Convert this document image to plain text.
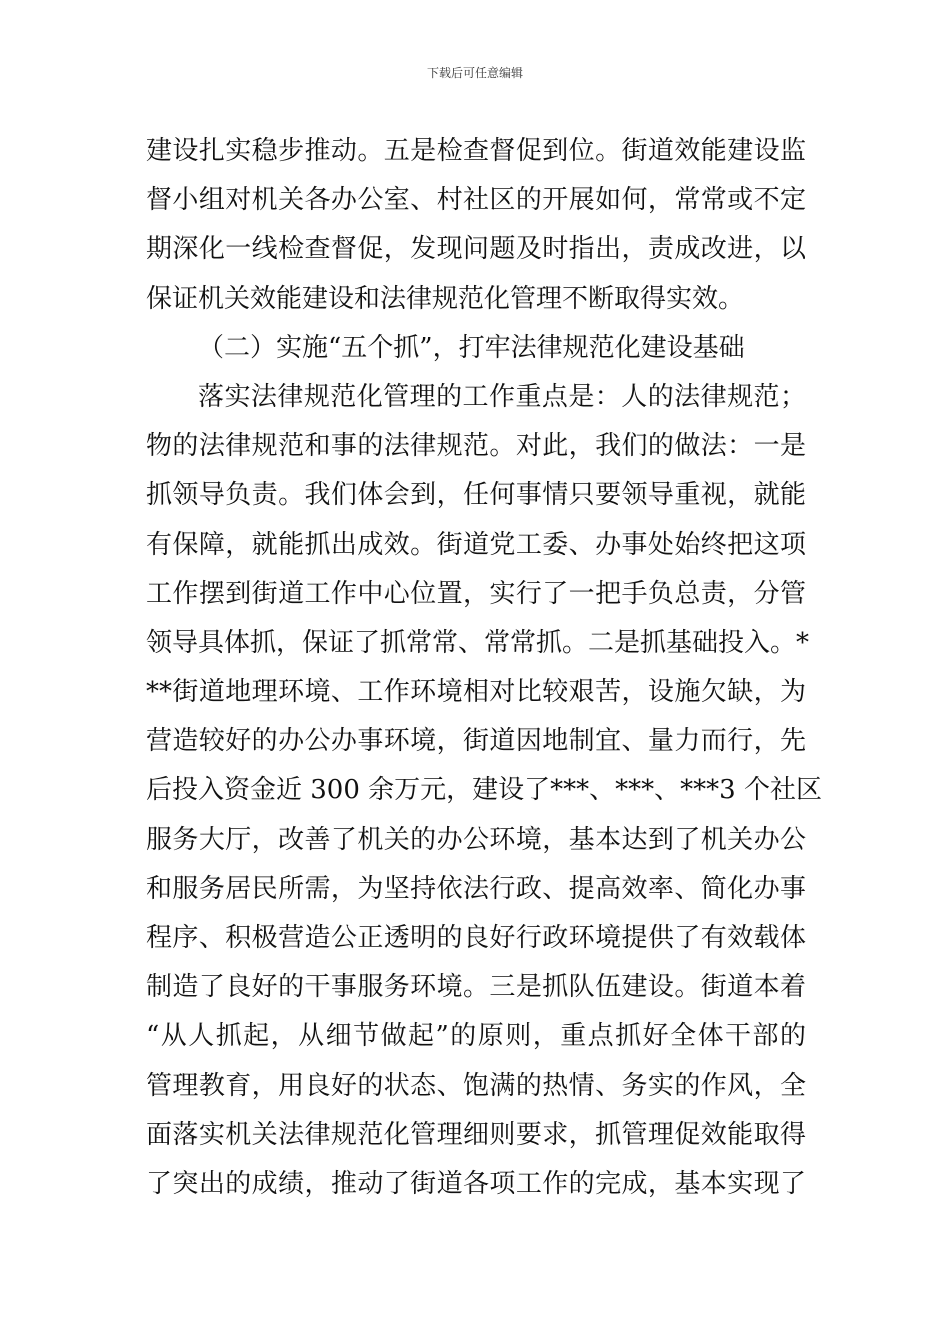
下载后可任意编辑
建设扎实稳步推动。五是检查督促到位。街道效能建设监
督小组对机关各办公室、村社区的开展如何，常常或不定
期深化一线检查督促，发现问题及时指出，责成改进，以
保证机关效能建设和法律规范化管理不断取得实效。
（二）实施“五个抓”，打牢法律规范化建设基础
落实法律规范化管理的工作重点是：人的法律规范；
物的法律规范和事的法律规范。对此，我们的做法：一是
抓领导负责。我们体会到，任何事情只要领导重视，就能
有保障，就能抓出成效。街道党工委、办事处始终把这项
工作摆到街道工作中心位置，实行了一把手负总责，分管
领导具体抓，保证了抓常常、常常抓。二是抓基础投入。*
**街道地理环境、工作环境相对比较艰苦，设施欠缺，为
营造较好的办公办事环境，街道因地制宜、量力而行，先
后投入资金近 300 余万元，建设了***、***、***3 个社区
服务大厅，改善了机关的办公环境，基本达到了机关办公
和服务居民所需，为坚持依法行政、提高效率、简化办事
程序、积极营造公正透明的良好行政环境提供了有效载体
制造了良好的干事服务环境。三是抓队伍建设。街道本着
“从人抓起，从细节做起”的原则，重点抓好全体干部的
管理教育，用良好的状态、饱满的热情、务实的作风，全
面落实机关法律规范化管理细则要求，抓管理促效能取得
了突出的成绩，推动了街道各项工作的完成，基本实现了
